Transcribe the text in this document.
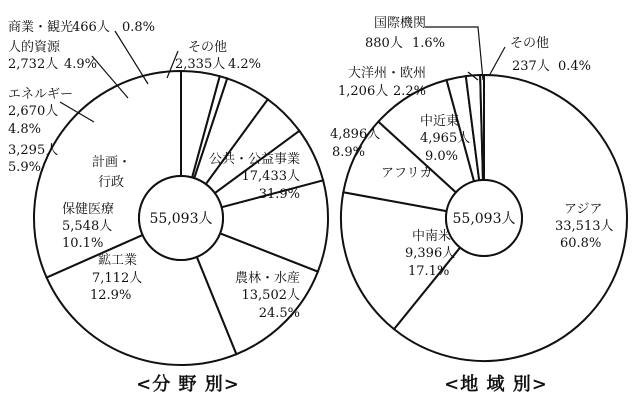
55,093人
公共・公益事業
17,433人
31.9%
農林・水産
13,502人
24.5%
鉱工業
7,112人
12.9%
保健医療
5,548人
10.1%
計画・
行政
エネルギー
2,670人
4.8%
人的資源
2,732人 4.9%
商業・観光
466人 0.8%
その他
2,335人 4.2%
3,295人
5.9%
<分 野 別>
55,093人
アジア
33,513人
60.8%
中南米
9,396人
17.1%
アフリカ
中近東
4,965人
9.0%
大洋州・欧州
1,206人 2.2%
国際機関
880人 1.6%	その他
237人 0.4%
4,896人
8.9%
<地 域 別>
